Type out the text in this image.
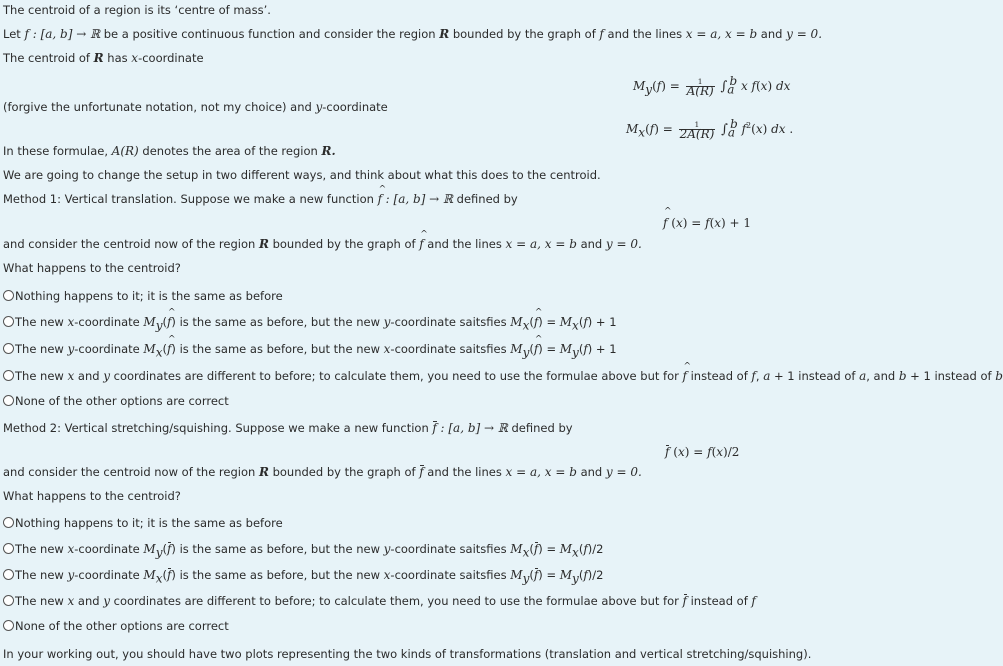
The centroid of a region is its ‘centre of mass’.
Let f : [a, b] → ℝ be a positive continuous function and consider the region R bounded by the graph of f and the lines x = a, x = b and y = 0.
The centroid of R has x-coordinate
$M_y(f) = \frac{1}{A(R)} \int_a^b$ x f(x) dx
(forgive the unfortunate notation, not my choice) and y-coordinate
$M_x(f) = \frac{1}{2A(R)} \int_a^b$ $f^2(x)$ dx .
In these formulae, A(R) denotes the area of the region R.
We are going to change the setup in two different ways, and think about what this does to the centroid.
Method 1: Vertical translation. Suppose we make a new function ^ f : [a, b] → ℝ defined by
^ f (x) = f(x) + 1
and consider the centroid now of the region R bounded by the graph of ^ f and the lines x = a, x = b and y = 0.
What happens to the centroid?
Nothing happens to it; it is the same as before
The new x-coordinate $M_y(\^{}$ f) is the same as before, but the new y-coordinate saitsfies $M_x(\^{}$ $f) = M_x(f) + 1$
The new y-coordinate $M_x(\^{}$ f) is the same as before, but the new x-coordinate saitsfies $M_y(\^{}$ $f) = M_y(f) + 1$
The new x and y coordinates are different to before; to calculate them, you need to use the formulae above but for ^ f instead of f, a + 1 instead of a, and b + 1 instead of b
None of the other options are correct
Method 2: Vertical stretching/squishing. Suppose we make a new function f : [a, b] → ℝ defined by
f (x) = f(x)/2
and consider the centroid now of the region R bounded by the graph of f and the lines x = a, x = b and y = 0.
What happens to the centroid?
Nothing happens to it; it is the same as before
The new x-coordinate $M_y(f)$ is the same as before, but the new y-coordinate saitsfies $M_x(f) = M_x(f)/2$
The new y-coordinate $M_x(f)$ is the same as before, but the new x-coordinate saitsfies $M_y(f) = M_y(f)/2$
The new x and y coordinates are different to before; to calculate them, you need to use the formulae above but for f instead of f
None of the other options are correct
In your working out, you should have two plots representing the two kinds of transformations (translation and vertical stretching/squishing).
